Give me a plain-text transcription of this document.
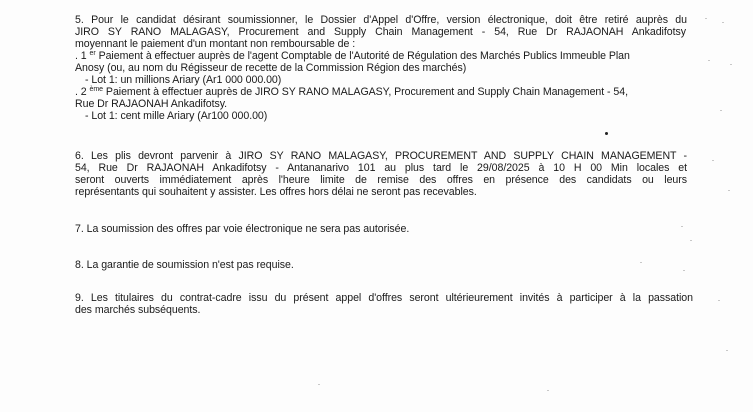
5. Pour le candidat désirant soumissionner, le Dossier d'Appel d'Offre, version électronique, doit être retiré auprès du
JIRO SY RANO MALAGASY, Procurement and Supply Chain Management - 54, Rue Dr RAJAONAH Ankadifotsy
moyennant le paiement d'un montant non remboursable de :
. 1 $^{er}$ Paiement à effectuer auprès de l'agent Comptable de l'Autorité de Régulation des Marchés Publics Immeuble Plan
Anosy (ou, au nom du Régisseur de recette de la Commission Région des marchés)
- Lot 1: un millions Ariary (Ar1 000 000.00)
. 2 $^{ème}$ Paiement à effectuer auprès de JIRO SY RANO MALAGASY, Procurement and Supply Chain Management - 54,
Rue Dr RAJAONAH Ankadifotsy.
- Lot 1: cent mille Ariary (Ar100 000.00)
6. Les plis devront parvenir à JIRO SY RANO MALAGASY, PROCUREMENT AND SUPPLY CHAIN MANAGEMENT -
54, Rue Dr RAJAONAH Ankadifotsy - Antananarivo 101 au plus tard le 29/08/2025 à 10 H 00 Min locales et
seront ouverts immédiatement après l'heure limite de remise des offres en présence des candidats ou leurs
représentants qui souhaitent y assister. Les offres hors délai ne seront pas recevables.
7. La soumission des offres par voie électronique ne sera pas autorisée.
8. La garantie de soumission n'est pas requise.
9. Les titulaires du contrat-cadre issu du présent appel d'offres seront ultérieurement invités à participer à la passation
des marchés subséquents.
